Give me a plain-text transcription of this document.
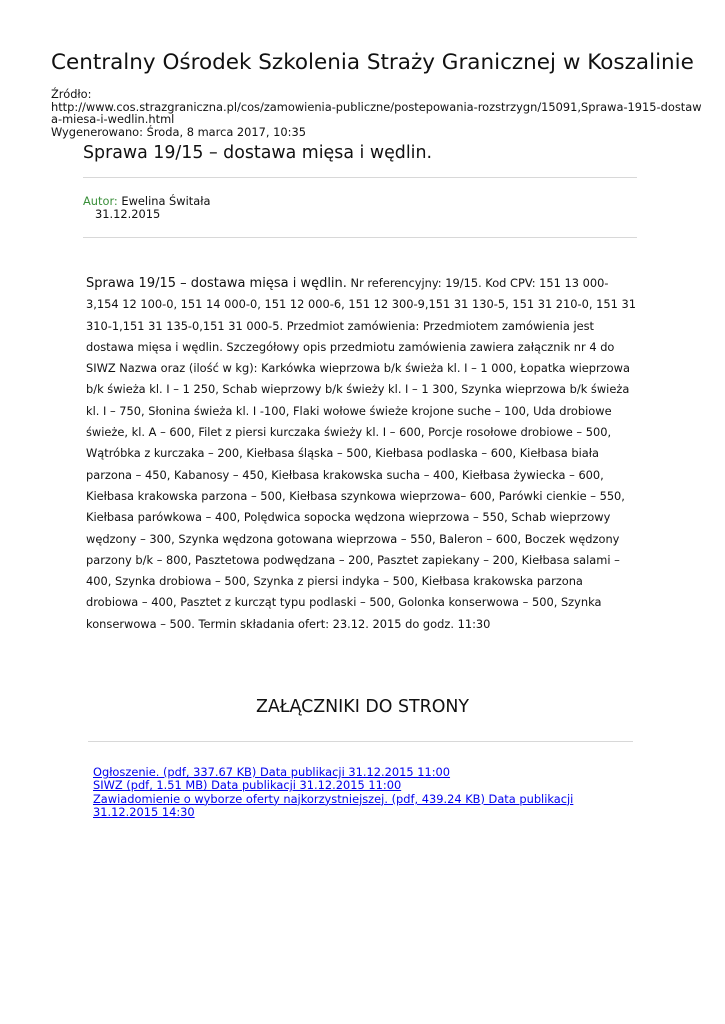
Centralny Ośrodek Szkolenia Straży Granicznej w Koszalinie
Źródło:
http://www.cos.strazgraniczna.pl/cos/zamowienia-publiczne/postepowania-rozstrzygn/15091,Sprawa-1915-dostaw
a-miesa-i-wedlin.html
Wygenerowano: Środa, 8 marca 2017, 10:35
Sprawa 19/15 – dostawa mięsa i wędlin.
Autor: Ewelina Świtała
31.12.2015
Sprawa 19/15 – dostawa mięsa i wędlin. Nr referencyjny: 19/15. Kod CPV: 151 13 000-3,154 12 100-0, 151 14 000-0, 151 12 000-6, 151 12 300-9,151 31 130-5, 151 31 210-0, 151 31 310-1,151 31 135-0,151 31 000-5. Przedmiot zamówienia: Przedmiotem zamówienia jest dostawa mięsa i wędlin. Szczegółowy opis przedmiotu zamówienia zawiera załącznik nr 4 do SIWZ Nazwa oraz (ilość w kg): Karkówka wieprzowa b/k świeża kl. I – 1 000, Łopatka wieprzowa b/k świeża kl. I – 1 250, Schab wieprzowy b/k świeży kl. I – 1 300, Szynka wieprzowa b/k świeża kl. I – 750, Słonina świeża kl. I -100, Flaki wołowe świeże krojone suche – 100, Uda drobiowe świeże, kl. A – 600, Filet z piersi kurczaka świeży kl. I – 600, Porcje rosołowe drobiowe – 500, Wątróbka z kurczaka – 200, Kiełbasa śląska – 500, Kiełbasa podlaska – 600, Kiełbasa biała parzona – 450, Kabanosy – 450, Kiełbasa krakowska sucha – 400, Kiełbasa żywiecka – 600, Kiełbasa krakowska parzona – 500, Kiełbasa szynkowa wieprzowa– 600, Parówki cienkie – 550, Kiełbasa parówkowa – 400, Polędwica sopocka wędzona wieprzowa – 550, Schab wieprzowy wędzony – 300, Szynka wędzona gotowana wieprzowa – 550, Baleron – 600, Boczek wędzony parzony b/k – 800, Pasztetowa podwędzana – 200, Pasztet zapiekany – 200, Kiełbasa salami – 400, Szynka drobiowa – 500, Szynka z piersi indyka – 500, Kiełbasa krakowska parzona drobiowa – 400, Pasztet z kurcząt typu podlaski – 500, Golonka konserwowa – 500, Szynka konserwowa – 500. Termin składania ofert: 23.12. 2015 do godz. 11:30
ZAŁĄCZNIKI DO STRONY
Ogłoszenie. (pdf, 337.67 KB) Data publikacji 31.12.2015 11:00
SIWZ (pdf, 1.51 MB) Data publikacji 31.12.2015 11:00
Zawiadomienie o wyborze oferty najkorzystniejszej. (pdf, 439.24 KB) Data publikacji 31.12.2015 14:30
